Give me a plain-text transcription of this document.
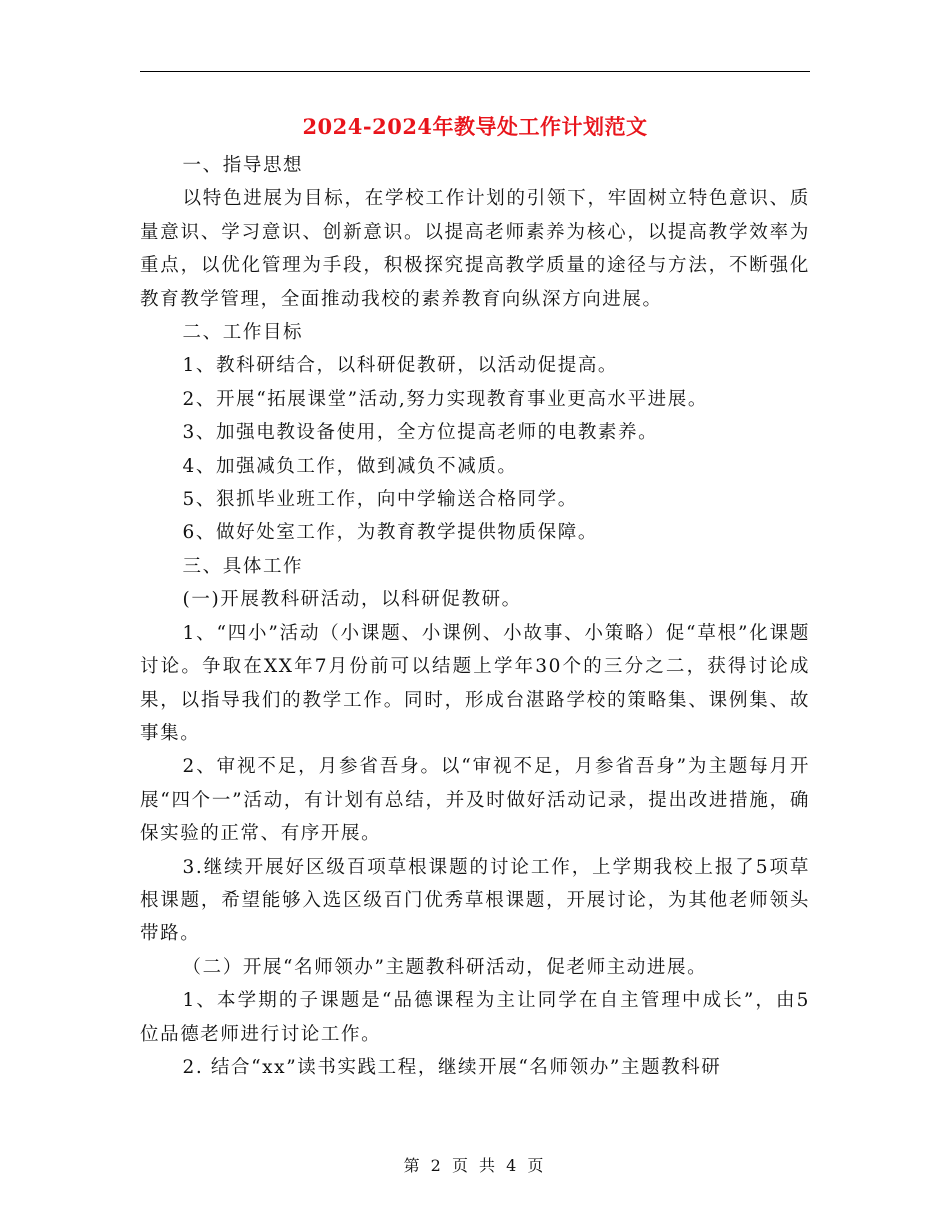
2024-2024年教导处工作计划范文

一、指导思想

以特色进展为目标，在学校工作计划的引领下，牢固树立特色意识、质量意识、学习意识、创新意识。以提高老师素养为核心，以提高教学效率为重点，以优化管理为手段，积极探究提高教学质量的途径与方法，不断强化教育教学管理，全面推动我校的素养教育向纵深方向进展。

二、工作目标

1、教科研结合，以科研促教研，以活动促提高。

2、开展“拓展课堂”活动,努力实现教育事业更高水平进展。

3、加强电教设备使用，全方位提高老师的电教素养。

4、加强减负工作，做到减负不减质。

5、狠抓毕业班工作，向中学输送合格同学。

6、做好处室工作，为教育教学提供物质保障。

三、具体工作

(一)开展教科研活动，以科研促教研。

1、“四小”活动（小课题、小课例、小故事、小策略）促“草根”化课题讨论。争取在XX年7月份前可以结题上学年30个的三分之二，获得讨论成果，以指导我们的教学工作。同时，形成台湛路学校的策略集、课例集、故事集。

2、审视不足，月参省吾身。以“审视不足，月参省吾身”为主题每月开展“四个一”活动，有计划有总结，并及时做好活动记录，提出改进措施，确保实验的正常、有序开展。

3.继续开展好区级百项草根课题的讨论工作，上学期我校上报了5项草根课题，希望能够入选区级百门优秀草根课题，开展讨论，为其他老师领头带路。

（二）开展“名师领办”主题教科研活动，促老师主动进展。

1、本学期的子课题是“品德课程为主让同学在自主管理中成长”，由5位品德老师进行讨论工作。

2. 结合“xx”读书实践工程，继续开展“名师领办”主题教科研

第 2 页 共 4 页
